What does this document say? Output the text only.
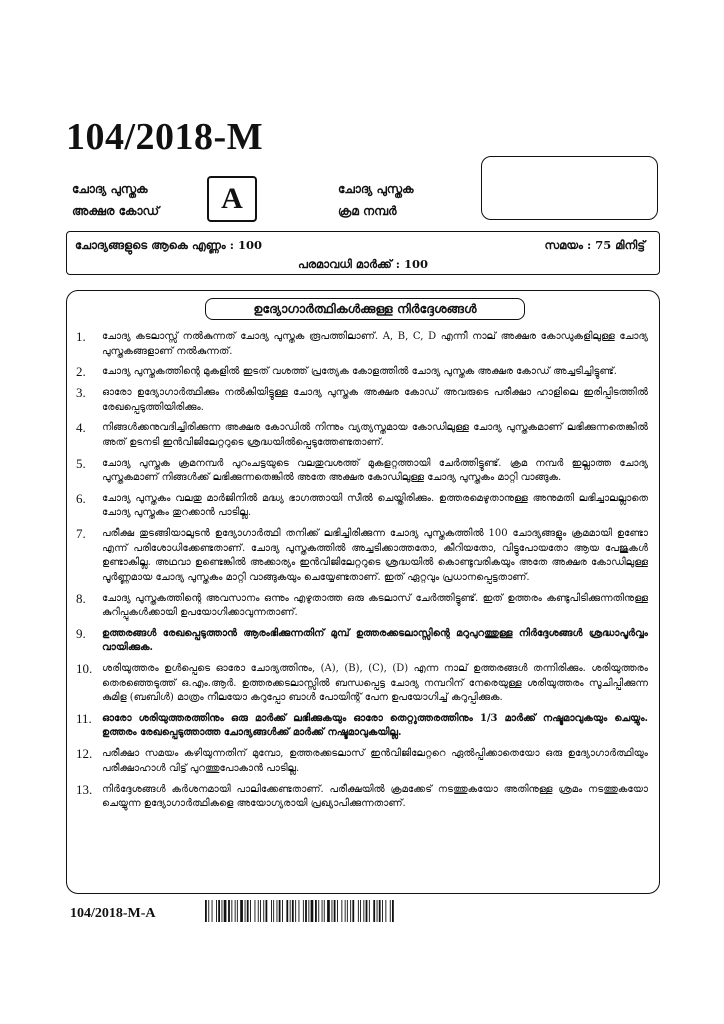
104/2018-M
ചോദ്യ പുസ്തക
അക്ഷര കോഡ്	A	ചോദ്യ പുസ്തക
ക്രമ നമ്പർ
ചോദ്യങ്ങളുടെ ആകെ എണ്ണം : 100	സമയം : 75 മിനിട്ട്
പരമാവധി മാർക്ക് : 100
ഉദ്യോഗാർത്ഥികൾക്കുള്ള നിർദ്ദേശങ്ങൾ
1.	ചോദ്യ കടലാസ്സ് നൽകുന്നത് ചോദ്യ പുസ്തക രൂപത്തിലാണ്. A, B, C, D എന്നീ നാല് അക്ഷര കോഡുകളിലുള്ള ചോദ്യ പുസ്തകങ്ങളാണ് നൽകുന്നത്.
2.	ചോദ്യ പുസ്തകത്തിന്റെ മുകളിൽ ഇടത് വശത്ത് പ്രത്യേക കോളത്തിൽ ചോദ്യ പുസ്തക അക്ഷര കോഡ് അച്ചടിച്ചിട്ടുണ്ട്.
3.	ഓരോ ഉദ്യോഗാർത്ഥിക്കും നൽകിയിട്ടുള്ള ചോദ്യ പുസ്തക അക്ഷര കോഡ് അവരുടെ പരീക്ഷാ ഹാളിലെ ഇരിപ്പിടത്തിൽ രേഖപ്പെടുത്തിയിരിക്കും.
4.	നിങ്ങൾക്കനുവദിച്ചിരിക്കുന്ന അക്ഷര കോഡിൽ നിന്നും വ്യത്യസ്തമായ കോഡിലുള്ള ചോദ്യ പുസ്തകമാണ് ലഭിക്കുന്നതെങ്കിൽ അത് ഉടനടി ഇൻവിജിലേറ്ററുടെ ശ്രദ്ധയിൽപ്പെടുത്തേണ്ടതാണ്.
5.	ചോദ്യ പുസ്തക ക്രമനമ്പർ പുറംചട്ടയുടെ വലതുവശത്ത് മുകളറ്റത്തായി ചേർത്തിട്ടുണ്ട്. ക്രമ നമ്പർ ഇല്ലാത്ത ചോദ്യ പുസ്തകമാണ് നിങ്ങൾക്ക് ലഭിക്കുന്നതെങ്കിൽ അതേ അക്ഷര കോഡിലുള്ള ചോദ്യ പുസ്തകം മാറ്റി വാങ്ങുക.
6.	ചോദ്യ പുസ്തകം വലതു മാർജിനിൽ മദ്ധ്യ ഭാഗത്തായി സീൽ ചെയ്തിരിക്കും. ഉത്തരമെഴുതാനുള്ള അനുമതി ലഭിച്ചാലല്ലാതെ ചോദ്യ പുസ്തകം തുറക്കാൻ പാടില്ല.
7.	പരീക്ഷ തുടങ്ങിയാലുടൻ ഉദ്യോഗാർത്ഥി തനിക്ക് ലഭിച്ചിരിക്കുന്ന ചോദ്യ പുസ്തകത്തിൽ 100 ചോദ്യങ്ങളും ക്രമമായി ഉണ്ടോ എന്ന് പരിശോധിക്കേണ്ടതാണ്. ചോദ്യ പുസ്തകത്തിൽ അച്ചടിക്കാത്തതോ, കീറിയതോ, വിട്ടുപോയതോ ആയ പേജുകൾ ഉണ്ടാകില്ല. അഥവാ ഉണ്ടെങ്കിൽ അക്കാര്യം ഇൻവിജിലേറ്ററുടെ ശ്രദ്ധയിൽ കൊണ്ടുവരികയും അതേ അക്ഷര കോഡിലുള്ള പൂർണ്ണമായ ചോദ്യ പുസ്തകം മാറ്റി വാങ്ങുകയും ചെയ്യേണ്ടതാണ്. ഇത് ഏറ്റവും പ്രധാനപ്പെട്ടതാണ്.
8.	ചോദ്യ പുസ്തകത്തിന്റെ അവസാനം ഒന്നും എഴുതാത്ത ഒരു കടലാസ് ചേർത്തിട്ടുണ്ട്. ഇത് ഉത്തരം കണ്ടുപിടിക്കുന്നതിനുള്ള കുറിപ്പുകൾക്കായി ഉപയോഗിക്കാവുന്നതാണ്.
9.	ഉത്തരങ്ങൾ രേഖപ്പെടുത്താൻ ആരംഭിക്കുന്നതിന് മുമ്പ് ഉത്തരക്കടലാസ്സിന്റെ മറുപുറത്തുള്ള നിർദ്ദേശങ്ങൾ ശ്രദ്ധാപൂർവ്വം വായിക്കുക.
10. ശരിയുത്തരം ഉൾപ്പെടെ ഓരോ ചോദ്യത്തിനും, (A), (B), (C), (D) എന്ന നാല് ഉത്തരങ്ങൾ തന്നിരിക്കും. ശരിയുത്തരം തെരഞ്ഞെടുത്ത് ഒ.എം.ആർ. ഉത്തരക്കടലാസ്സിൽ ബന്ധപ്പെട്ട ചോദ്യ നമ്പറിന് നേരെയുള്ള ശരിയുത്തരം സൂചിപ്പിക്കുന്ന കുമിള (ബബിൾ) മാത്രം നീലയോ കറുപ്പോ ബാൾ പോയിന്റ് പേന ഉപയോഗിച്ച് കറുപ്പിക്കുക.
11.	ഓരോ ശരിയുത്തരത്തിനും ഒരു മാർക്ക് ലഭിക്കുകയും ഓരോ തെറ്റുത്തരത്തിനും 1/3 മാർക്ക് നഷ്ടമാവുകയും ചെയ്യും. ഉത്തരം രേഖപ്പെടുത്താത്ത ചോദ്യങ്ങൾക്ക് മാർക്ക് നഷ്ടമാവുകയില്ല.
12. പരീക്ഷാ സമയം കഴിയുന്നതിന് മുമ്പോ, ഉത്തരക്കടലാസ് ഇൻവിജിലേറ്ററെ ഏൽപ്പിക്കാതെയോ ഒരു ഉദ്യോഗാർത്ഥിയും പരീക്ഷാഹാൾ വിട്ട് പുറത്തുപോകാൻ പാടില്ല.
13. നിർദ്ദേശങ്ങൾ കർശനമായി പാലിക്കേണ്ടതാണ്. പരീക്ഷയിൽ ക്രമക്കേട് നടത്തുകയോ അതിനുള്ള ശ്രമം നടത്തുകയോ ചെയ്യുന്ന ഉദ്യോഗാർത്ഥികളെ അയോഗ്യരായി പ്രഖ്യാപിക്കുന്നതാണ്.
104/2018-M-A
